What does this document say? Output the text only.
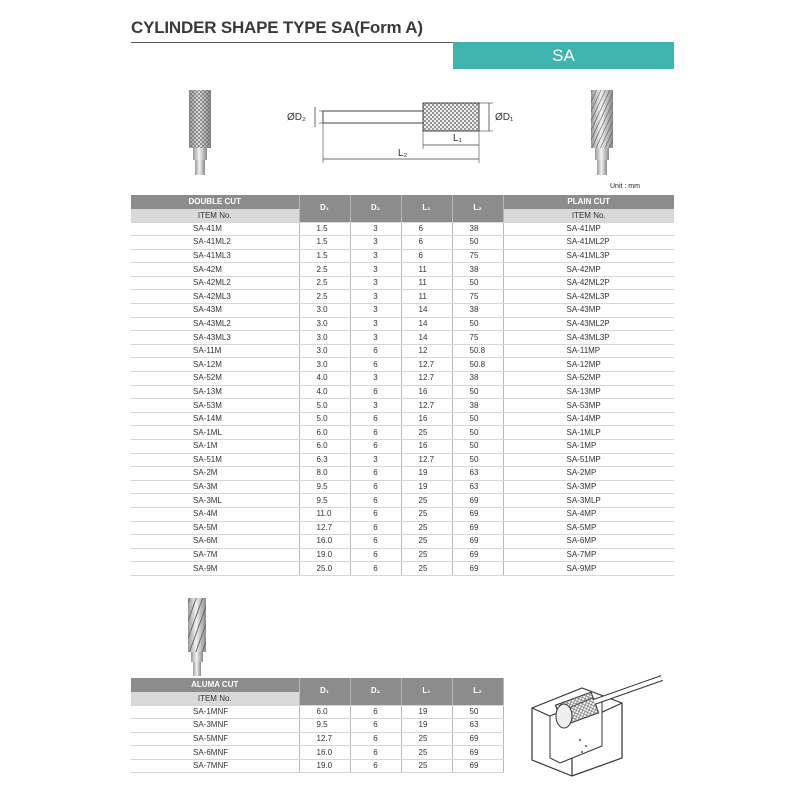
CYLINDER SHAPE TYPE SA(Form A)
SA
ØD₂	ØD₁
L₁
L₂
Unit : mm
DOUBLE CUT	D₁	D₂	L₁	L₂	PLAIN CUT
ITEM No.					ITEM No.
SA-41M	1.5	3	6	38	SA-41MP
SA-41ML2	1.5	3	6	50	SA-41ML2P
SA-41ML3	1.5	3	6	75	SA-41ML3P
SA-42M	2.5	3	11	38	SA-42MP
SA-42ML2	2.5	3	11	50	SA-42ML2P
SA-42ML3	2.5	3	11	75	SA-42ML3P
SA-43M	3.0	3	14	38	SA-43MP
SA-43ML2	3.0	3	14	50	SA-43ML2P
SA-43ML3	3.0	3	14	75	SA-43ML3P
SA-11M	3.0	6	12	50.8	SA-11MP
SA-12M	3.0	6	12.7	50.8	SA-12MP
SA-52M	4.0	3	12.7	38	SA-52MP
SA-13M	4.0	6	16	50	SA-13MP
SA-53M	5.0	3	12.7	38	SA-53MP
SA-14M	5.0	6	16	50	SA-14MP
SA-1ML	6.0	6	25	50	SA-1MLP
SA-1M	6.0	6	16	50	SA-1MP
SA-51M	6.3	3	12.7	50	SA-51MP
SA-2M	8.0	6	19	63	SA-2MP
SA-3M	9.5	6	19	63	SA-3MP
SA-3ML	9.5	6	25	69	SA-3MLP
SA-4M	11.0	6	25	69	SA-4MP
SA-5M	12.7	6	25	69	SA-5MP
SA-6M	16.0	6	25	69	SA-6MP
SA-7M	19.0	6	25	69	SA-7MP
SA-9M	25.0	6	25	69	SA-9MP
ALUMA CUT	D₁	D₂	L₁	L₂
ITEM No.				
SA-1MNF	6.0	6	19	50
SA-3MNF	9.5	6	19	63
SA-5MNF	12.7	6	25	69
SA-6MNF	16.0	6	25	69
SA-7MNF	19.0	6	25	69
